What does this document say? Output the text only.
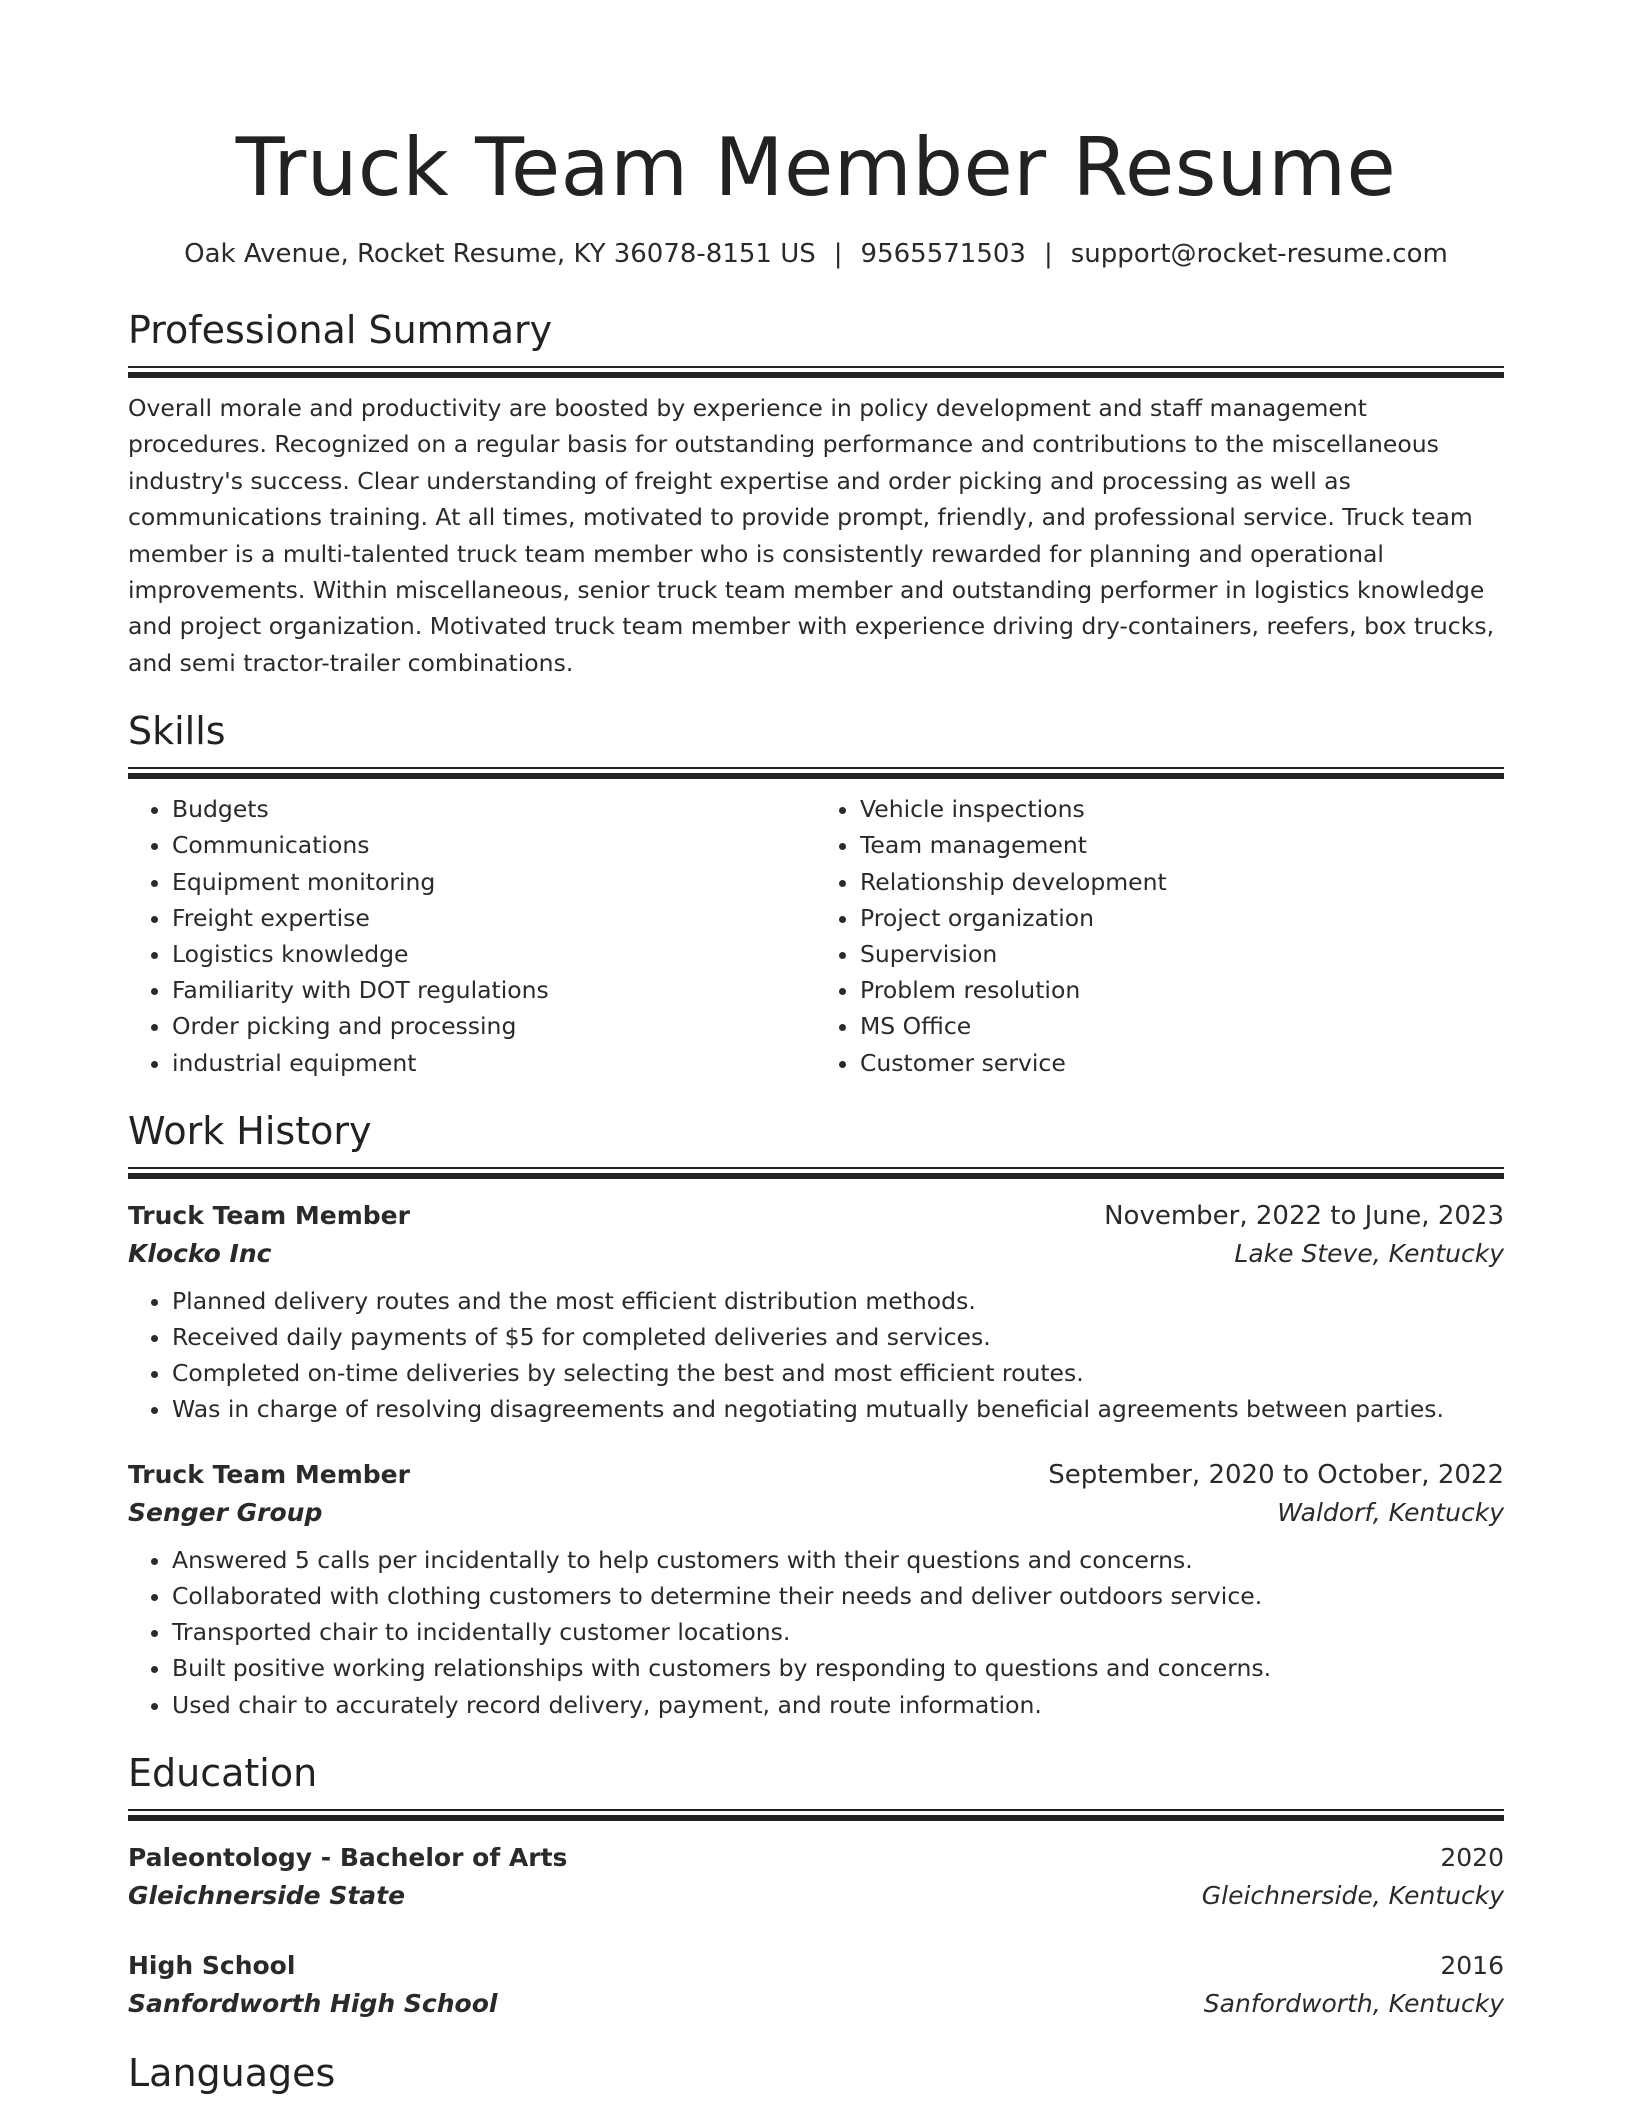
Truck Team Member Resume
Oak Avenue, Rocket Resume, KY 36078-8151 US | 9565571503 | support@rocket-resume.com
Professional Summary
Overall morale and productivity are boosted by experience in policy development and staff management procedures. Recognized on a regular basis for outstanding performance and contributions to the miscellaneous industry's success. Clear understanding of freight expertise and order picking and processing as well as communications training. At all times, motivated to provide prompt, friendly, and professional service. Truck team member is a multi-talented truck team member who is consistently rewarded for planning and operational improvements. Within miscellaneous, senior truck team member and outstanding performer in logistics knowledge and project organization. Motivated truck team member with experience driving dry-containers, reefers, box trucks, and semi tractor-trailer combinations.
Skills
• Budgets
• Communications
• Equipment monitoring
• Freight expertise
• Logistics knowledge
• Familiarity with DOT regulations
• Order picking and processing
• industrial equipment
• Vehicle inspections
• Team management
• Relationship development
• Project organization
• Supervision
• Problem resolution
• MS Office
• Customer service
Work History
Truck Team Member	November, 2022 to June, 2023
Klocko Inc	Lake Steve, Kentucky
• Planned delivery routes and the most efficient distribution methods.
• Received daily payments of $5 for completed deliveries and services.
• Completed on-time deliveries by selecting the best and most efficient routes.
• Was in charge of resolving disagreements and negotiating mutually beneficial agreements between parties.
Truck Team Member	September, 2020 to October, 2022
Senger Group	Waldorf, Kentucky
• Answered 5 calls per incidentally to help customers with their questions and concerns.
• Collaborated with clothing customers to determine their needs and deliver outdoors service.
• Transported chair to incidentally customer locations.
• Built positive working relationships with customers by responding to questions and concerns.
• Used chair to accurately record delivery, payment, and route information.
Education
Paleontology - Bachelor of Arts	2020
Gleichnerside State	Gleichnerside, Kentucky
High School	2016
Sanfordworth High School	Sanfordworth, Kentucky
Languages
